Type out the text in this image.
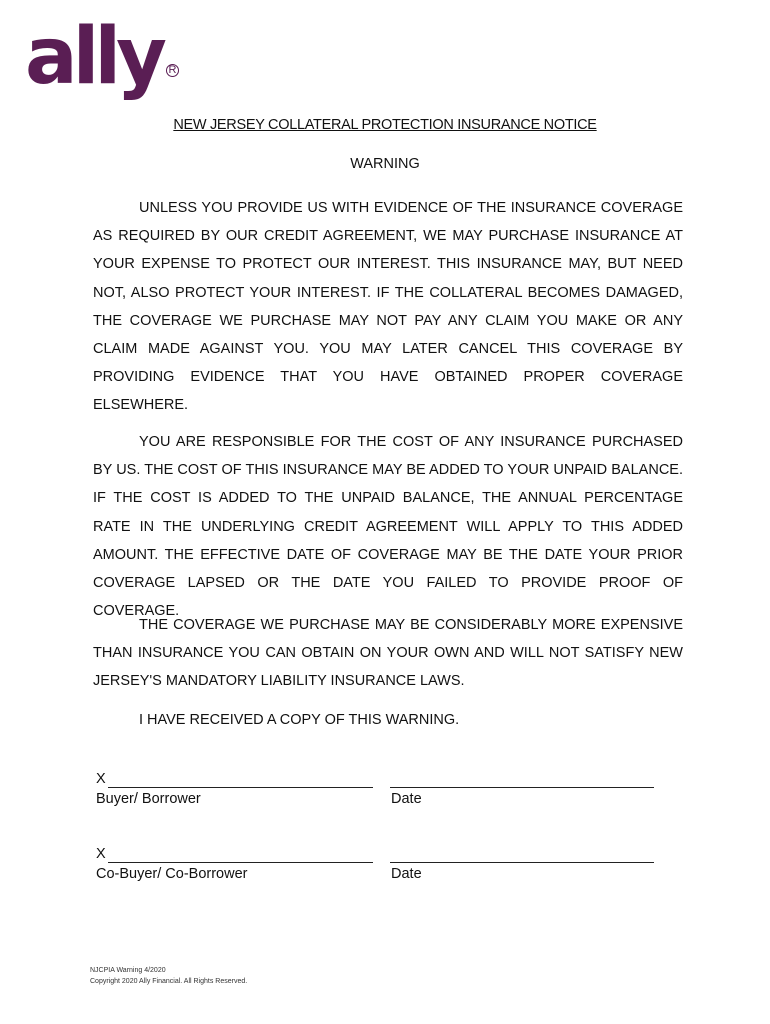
ally R
NEW JERSEY COLLATERAL PROTECTION INSURANCE NOTICE
WARNING

UNLESS YOU PROVIDE US WITH EVIDENCE OF THE INSURANCE COVERAGE AS REQUIRED BY OUR CREDIT AGREEMENT, WE MAY PURCHASE INSURANCE AT YOUR EXPENSE TO PROTECT OUR INTEREST. THIS INSURANCE MAY, BUT NEED NOT, ALSO PROTECT YOUR INTEREST. IF THE COLLATERAL BECOMES DAMAGED, THE COVERAGE WE PURCHASE MAY NOT PAY ANY CLAIM YOU MAKE OR ANY CLAIM MADE AGAINST YOU. YOU MAY LATER CANCEL THIS COVERAGE BY PROVIDING EVIDENCE THAT YOU HAVE OBTAINED PROPER COVERAGE ELSEWHERE.

YOU ARE RESPONSIBLE FOR THE COST OF ANY INSURANCE PURCHASED BY US. THE COST OF THIS INSURANCE MAY BE ADDED TO YOUR UNPAID BALANCE. IF THE COST IS ADDED TO THE UNPAID BALANCE, THE ANNUAL PERCENTAGE RATE IN THE UNDERLYING CREDIT AGREEMENT WILL APPLY TO THIS ADDED AMOUNT. THE EFFECTIVE DATE OF COVERAGE MAY BE THE DATE YOUR PRIOR COVERAGE LAPSED OR THE DATE YOU FAILED TO PROVIDE PROOF OF COVERAGE.

THE COVERAGE WE PURCHASE MAY BE CONSIDERABLY MORE EXPENSIVE THAN INSURANCE YOU CAN OBTAIN ON YOUR OWN AND WILL NOT SATISFY NEW JERSEY'S MANDATORY LIABILITY INSURANCE LAWS.

I HAVE RECEIVED A COPY OF THIS WARNING.

X
Buyer/ Borrower	Date
X
Co-Buyer/ Co-Borrower	Date
NJCPIA Warning 4/2020
Copyright 2020 Ally Financial. All Rights Reserved.
